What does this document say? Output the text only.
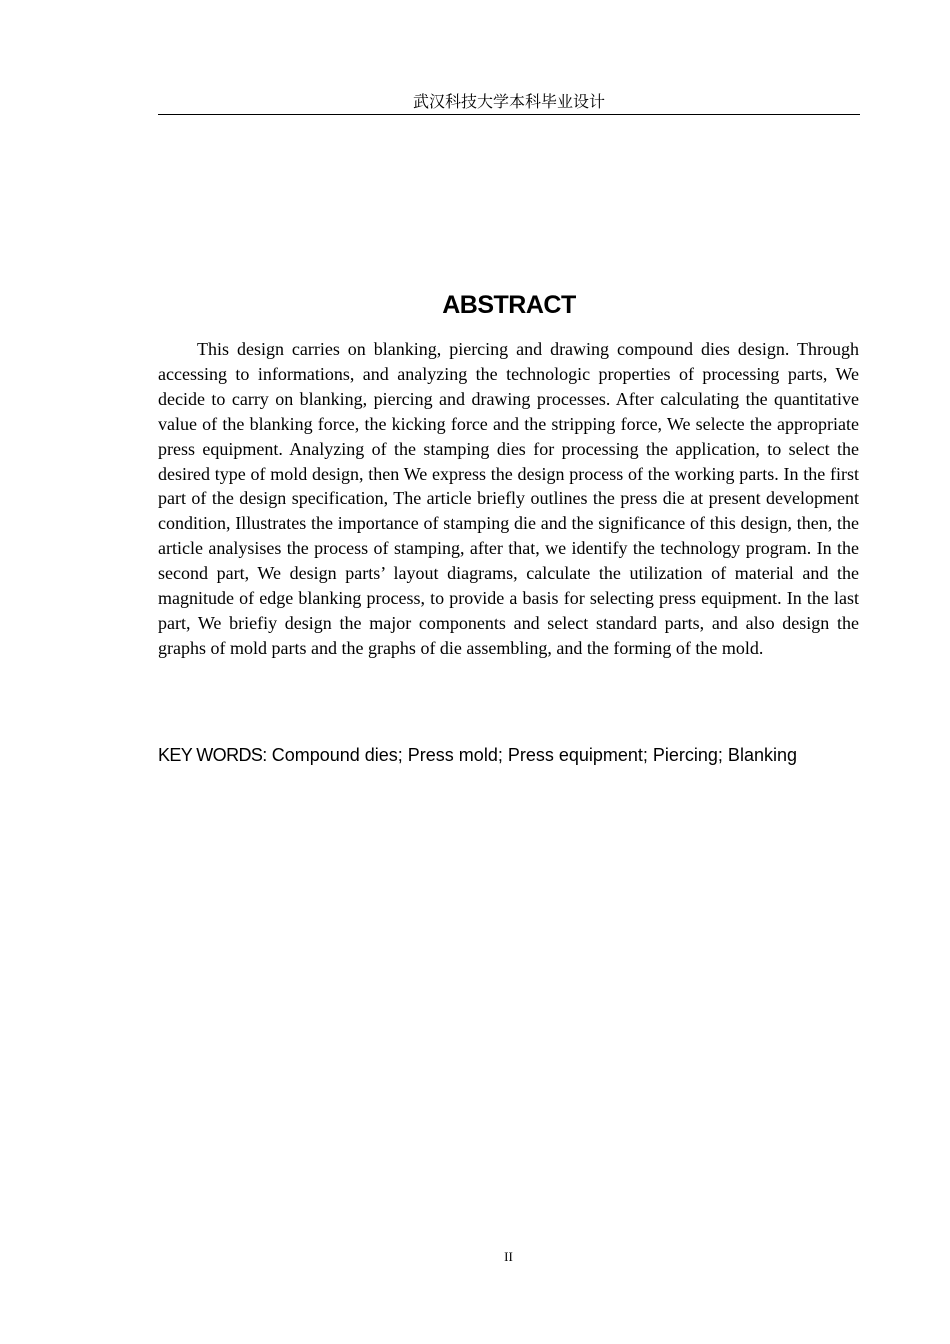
武汉科技大学本科毕业设计
ABSTRACT

This design carries on blanking, piercing and drawing compound dies design. Through accessing to informations, and analyzing the technologic properties of processing parts, We decide to carry on blanking, piercing and drawing processes. After calculating the quantitative value of the blanking force, the kicking force and the stripping force, We selecte the appropriate press equipment. Analyzing of the stamping dies for processing the application, to select the desired type of mold design, then We express the design process of the working parts. In the first part of the design specification, The article briefly outlines the press die at present development condition, Illustrates the importance of stamping die and the significance of this design, then, the article analysises the process of stamping, after that, we identify the technology program. In the second part, We design parts’ layout diagrams, calculate the utilization of material and the magnitude of edge blanking process, to provide a basis for selecting press equipment. In the last part, We briefiy design the major components and select standard parts, and also design the graphs of mold parts and the graphs of die assembling, and the forming of the mold.

KEY WORDS: Compound dies; Press mold; Press equipment; Piercing; Blanking
II
